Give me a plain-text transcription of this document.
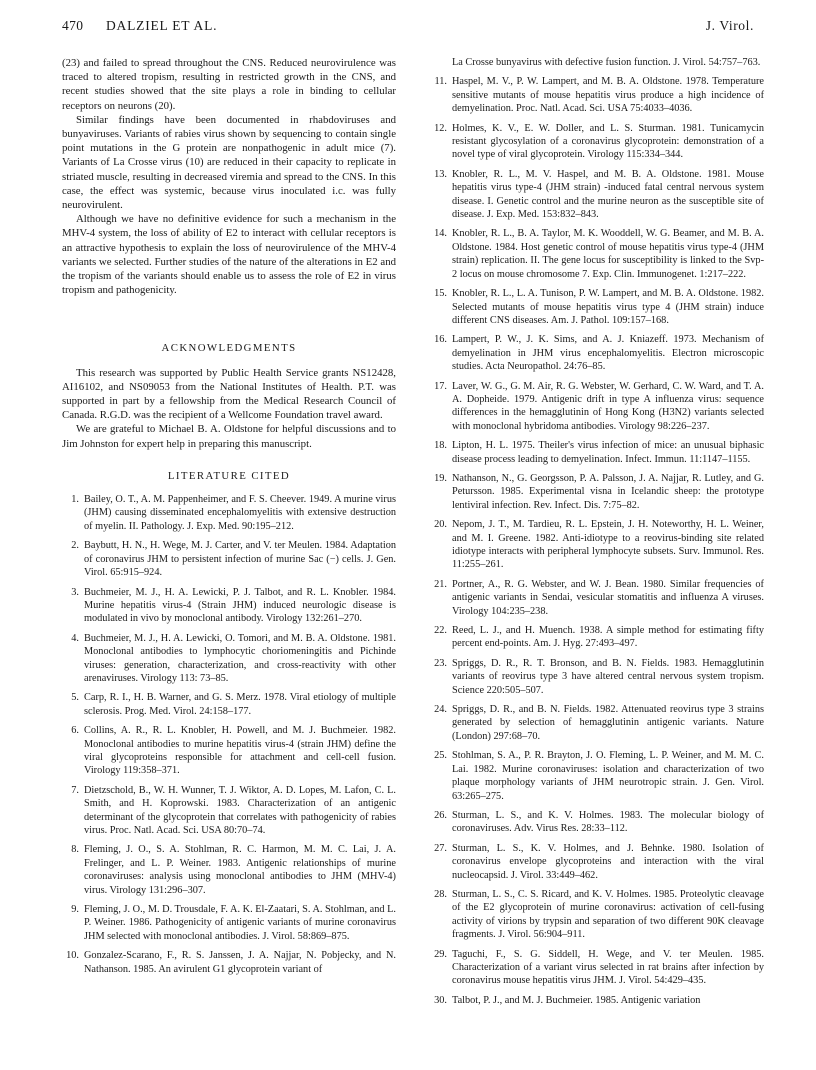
470 DALZIEL ET AL.	J. Virol.

(23) and failed to spread throughout the CNS. Reduced neurovirulence was traced to altered tropism, resulting in restricted growth in the CNS, and recent studies showed that the site plays a role in binding to cellular receptors on neurons (20).

Similar findings have been documented in rhabdoviruses and bunyaviruses. Variants of rabies virus shown by sequencing to contain single point mutations in the G protein are nonpathogenic in adult mice (7). Variants of La Crosse virus (10) are reduced in their capacity to replicate in striated muscle, resulting in decreased viremia and spread to the CNS. In this case, the effect was systemic, because virus inoculated i.c. was fully neurovirulent.

Although we have no definitive evidence for such a mechanism in the MHV-4 system, the loss of ability of E2 to interact with cellular receptors is an attractive hypothesis to explain the loss of neurovirulence of the MHV-4 variants we selected. Further studies of the nature of the alterations in E2 and the tropism of the variants should enable us to assess the role of E2 in virus tropism and pathogenicity.

ACKNOWLEDGMENTS

This research was supported by Public Health Service grants NS12428, AI16102, and NS09053 from the National Institutes of Health. P.T. was supported in part by a fellowship from the Medical Research Council of Canada. R.G.D. was the recipient of a Wellcome Foundation travel award.

We are grateful to Michael B. A. Oldstone for helpful discussions and to Jim Johnston for expert help in preparing this manuscript.

LITERATURE CITED
1. Bailey, O. T., A. M. Pappenheimer, and F. S. Cheever. 1949. A murine virus (JHM) causing disseminated encephalomyelitis with extensive destruction of myelin. II. Pathology. J. Exp. Med. 90:195–212.
2. Baybutt, H. N., H. Wege, M. J. Carter, and V. ter Meulen. 1984. Adaptation of coronavirus JHM to persistent infection of murine Sac (−) cells. J. Gen. Virol. 65:915–924.
3. Buchmeier, M. J., H. A. Lewicki, P. J. Talbot, and R. L. Knobler. 1984. Murine hepatitis virus-4 (Strain JHM) induced neurologic disease is modulated in vivo by monoclonal antibody. Virology 132:261–270.
4. Buchmeier, M. J., H. A. Lewicki, O. Tomori, and M. B. A. Oldstone. 1981. Monoclonal antibodies to lymphocytic choriomeningitis and Pichinde viruses: generation, characterization, and cross-reactivity with other arenaviruses. Virology 113: 73–85.
5. Carp, R. I., H. B. Warner, and G. S. Merz. 1978. Viral etiology of multiple sclerosis. Prog. Med. Virol. 24:158–177.
6. Collins, A. R., R. L. Knobler, H. Powell, and M. J. Buchmeier. 1982. Monoclonal antibodies to murine hepatitis virus-4 (strain JHM) define the viral glycoproteins responsible for attachment and cell-cell fusion. Virology 119:358–371.
7. Dietzschold, B., W. H. Wunner, T. J. Wiktor, A. D. Lopes, M. Lafon, C. L. Smith, and H. Koprowski. 1983. Characterization of an antigenic determinant of the glycoprotein that correlates with pathogenicity of rabies virus. Proc. Natl. Acad. Sci. USA 80:70–74.
8. Fleming, J. O., S. A. Stohlman, R. C. Harmon, M. M. C. Lai, J. A. Frelinger, and L. P. Weiner. 1983. Antigenic relationships of murine coronaviruses: analysis using monoclonal antibodies to JHM (MHV-4) virus. Virology 131:296–307.
9. Fleming, J. O., M. D. Trousdale, F. A. K. El-Zaatari, S. A. Stohlman, and L. P. Weiner. 1986. Pathogenicity of antigenic variants of murine coronavirus JHM selected with monoclonal antibodies. J. Virol. 58:869–875.
10. Gonzalez-Scarano, F., R. S. Janssen, J. A. Najjar, N. Pobjecky, and N. Nathanson. 1985. An avirulent G1 glycoprotein variant of
La Crosse bunyavirus with defective fusion function. J. Virol. 54:757–763.
11. Haspel, M. V., P. W. Lampert, and M. B. A. Oldstone. 1978. Temperature sensitive mutants of mouse hepatitis virus produce a high incidence of demyelination. Proc. Natl. Acad. Sci. USA 75:4033–4036.
12. Holmes, K. V., E. W. Doller, and L. S. Sturman. 1981. Tunicamycin resistant glycosylation of a coronavirus glycoprotein: demonstration of a novel type of viral glycoprotein. Virology 115:334–344.
13. Knobler, R. L., M. V. Haspel, and M. B. A. Oldstone. 1981. Mouse hepatitis virus type-4 (JHM strain) -induced fatal central nervous system disease. I. Genetic control and the murine neuron as the susceptible site of disease. J. Exp. Med. 153:832–843.
14. Knobler, R. L., B. A. Taylor, M. K. Wooddell, W. G. Beamer, and M. B. A. Oldstone. 1984. Host genetic control of mouse hepatitis virus type-4 (JHM strain) replication. II. The gene locus for susceptibility is linked to the Svp-2 locus on mouse chromosome 7. Exp. Clin. Immunogenet. 1:217–222.
15. Knobler, R. L., L. A. Tunison, P. W. Lampert, and M. B. A. Oldstone. 1982. Selected mutants of mouse hepatitis virus type 4 (JHM strain) induce different CNS diseases. Am. J. Pathol. 109:157–168.
16. Lampert, P. W., J. K. Sims, and A. J. Kniazeff. 1973. Mechanism of demyelination in JHM virus encephalomyelitis. Electron microscopic studies. Acta Neuropathol. 24:76–85.
17. Laver, W. G., G. M. Air, R. G. Webster, W. Gerhard, C. W. Ward, and T. A. A. Dopheide. 1979. Antigenic drift in type A influenza virus: sequence differences in the hemagglutinin of Hong Kong (H3N2) variants selected with monoclonal hybridoma antibodies. Virology 98:226–237.
18. Lipton, H. L. 1975. Theiler's virus infection of mice: an unusual biphasic disease process leading to demyelination. Infect. Immun. 11:1147–1155.
19. Nathanson, N., G. Georgsson, P. A. Palsson, J. A. Najjar, R. Lutley, and G. Petursson. 1985. Experimental visna in Icelandic sheep: the prototype lentiviral infection. Rev. Infect. Dis. 7:75–82.
20. Nepom, J. T., M. Tardieu, R. L. Epstein, J. H. Noteworthy, H. L. Weiner, and M. I. Greene. 1982. Anti-idiotype to a reovirus-binding site related idiotype interacts with peripheral lymphocyte subsets. Surv. Immunol. Res. 11:255–261.
21. Portner, A., R. G. Webster, and W. J. Bean. 1980. Similar frequencies of antigenic variants in Sendai, vesicular stomatitis and influenza A viruses. Virology 104:235–238.
22. Reed, L. J., and H. Muench. 1938. A simple method for estimating fifty percent end-points. Am. J. Hyg. 27:493–497.
23. Spriggs, D. R., R. T. Bronson, and B. N. Fields. 1983. Hemagglutinin variants of reovirus type 3 have altered central nervous system tropism. Science 220:505–507.
24. Spriggs, D. R., and B. N. Fields. 1982. Attenuated reovirus type 3 strains generated by selection of hemagglutinin antigenic variants. Nature (London) 297:68–70.
25. Stohlman, S. A., P. R. Brayton, J. O. Fleming, L. P. Weiner, and M. M. C. Lai. 1982. Murine coronaviruses: isolation and characterization of two plaque morphology variants of JHM neurotropic strain. J. Gen. Virol. 63:265–275.
26. Sturman, L. S., and K. V. Holmes. 1983. The molecular biology of coronaviruses. Adv. Virus Res. 28:33–112.
27. Sturman, L. S., K. V. Holmes, and J. Behnke. 1980. Isolation of coronavirus envelope glycoproteins and interaction with the viral nucleocapsid. J. Virol. 33:449–462.
28. Sturman, L. S., C. S. Ricard, and K. V. Holmes. 1985. Proteolytic cleavage of the E2 glycoprotein of murine coronavirus: activation of cell-fusing activity of virions by trypsin and separation of two different 90K cleavage fragments. J. Virol. 56:904–911.
29. Taguchi, F., S. G. Siddell, H. Wege, and V. ter Meulen. 1985. Characterization of a variant virus selected in rat brains after infection by coronavirus mouse hepatitis virus JHM. J. Virol. 54:429–435.
30. Talbot, P. J., and M. J. Buchmeier. 1985. Antigenic variation
